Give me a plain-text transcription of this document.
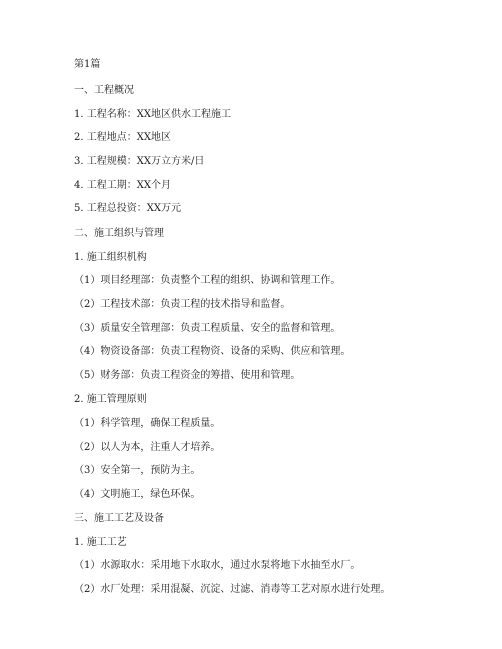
第1篇
一、工程概况
1. 工程名称：XX地区供水工程施工
2. 工程地点：XX地区
3. 工程规模：XX万立方米/日
4. 工程工期：XX个月
5. 工程总投资：XX万元
二、施工组织与管理
1. 施工组织机构
（1）项目经理部：负责整个工程的组织、协调和管理工作。
（2）工程技术部：负责工程的技术指导和监督。
（3）质量安全管理部：负责工程质量、安全的监督和管理。
（4）物资设备部：负责工程物资、设备的采购、供应和管理。
（5）财务部：负责工程资金的筹措、使用和管理。
2. 施工管理原则
（1）科学管理，确保工程质量。
（2）以人为本，注重人才培养。
（3）安全第一，预防为主。
（4）文明施工，绿色环保。
三、施工工艺及设备
1. 施工工艺
（1）水源取水：采用地下水取水，通过水泵将地下水抽至水厂。
（2）水厂处理：采用混凝、沉淀、过滤、消毒等工艺对原水进行处理。
